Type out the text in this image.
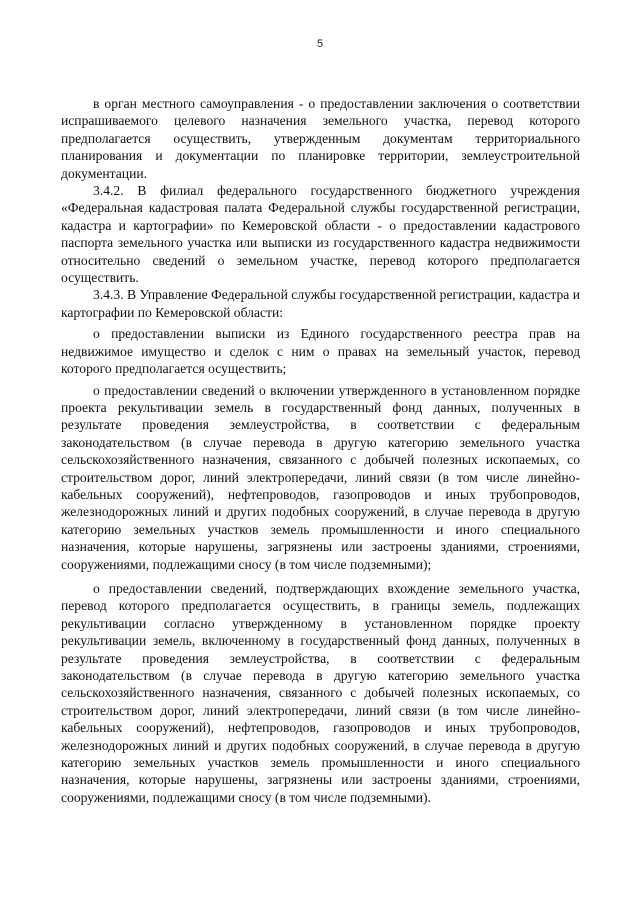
5

в орган местного самоуправления - о предоставлении заключения о соответствии испрашиваемого целевого назначения земельного участка, перевод которого предполагается осуществить, утвержденным документам территориального планирования и документации по планировке территории, землеустроительной документации.

3.4.2. В филиал федерального государственного бюджетного учреждения «Федеральная кадастровая палата Федеральной службы государственной регистрации, кадастра и картографии» по Кемеровской области - о предоставлении кадастрового паспорта земельного участка или выписки из государственного кадастра недвижимости относительно сведений о земельном участке, перевод которого предполагается осуществить.

3.4.3. В Управление Федеральной службы государственной регистрации, кадастра и картографии по Кемеровской области:

о предоставлении выписки из Единого государственного реестра прав на недвижимое имущество и сделок с ним о правах на земельный участок, перевод которого предполагается осуществить;

о предоставлении сведений о включении утвержденного в установленном порядке проекта рекультивации земель в государственный фонд данных, полученных в результате проведения землеустройства, в соответствии с федеральным законодательством (в случае перевода в другую категорию земельного участка сельскохозяйственного назначения, связанного с добычей полезных ископаемых, со строительством дорог, линий электропередачи, линий связи (в том числе линейно-кабельных сооружений), нефтепроводов, газопроводов и иных трубопроводов, железнодорожных линий и других подобных сооружений, в случае перевода в другую категорию земельных участков земель промышленности и иного специального назначения, которые нарушены, загрязнены или застроены зданиями, строениями, сооружениями, подлежащими сносу (в том числе подземными);

о предоставлении сведений, подтверждающих вхождение земельного участка, перевод которого предполагается осуществить, в границы земель, подлежащих рекультивации согласно утвержденному в установленном порядке проекту рекультивации земель, включенному в государственный фонд данных, полученных в результате проведения землеустройства, в соответствии с федеральным законодательством (в случае перевода в другую категорию земельного участка сельскохозяйственного назначения, связанного с добычей полезных ископаемых, со строительством дорог, линий электропередачи, линий связи (в том числе линейно-кабельных сооружений), нефтепроводов, газопроводов и иных трубопроводов, железнодорожных линий и других подобных сооружений, в случае перевода в другую категорию земельных участков земель промышленности и иного специального назначения, которые нарушены, загрязнены или застроены зданиями, строениями, сооружениями, подлежащими сносу (в том числе подземными).
